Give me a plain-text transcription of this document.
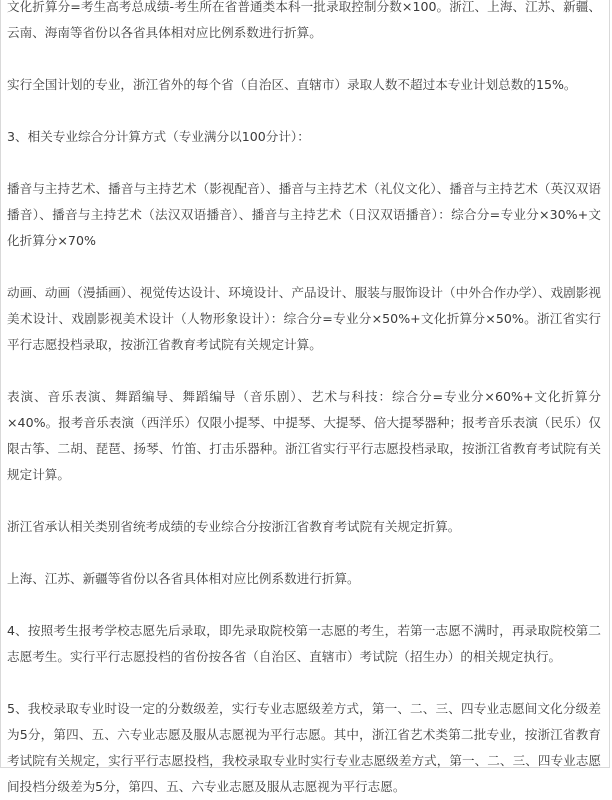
文化折算分=考生高考总成绩-考生所在省普通类本科一批录取控制分数×100。浙江、上海、江苏、新疆、云南、海南等省份以各省具体相对应比例系数进行折算。

实行全国计划的专业，浙江省外的每个省（自治区、直辖市）录取人数不超过本专业计划总数的15%。

3、相关专业综合分计算方式（专业满分以100分计）：

播音与主持艺术、播音与主持艺术（影视配音）、播音与主持艺术（礼仪文化）、播音与主持艺术（英汉双语播音）、播音与主持艺术（法汉双语播音）、播音与主持艺术（日汉双语播音）：综合分=专业分×30%+文化折算分×70%

动画、动画（漫插画）、视觉传达设计、环境设计、产品设计、服装与服饰设计（中外合作办学）、戏剧影视美术设计、戏剧影视美术设计（人物形象设计）：综合分=专业分×50%+文化折算分×50%。浙江省实行平行志愿投档录取，按浙江省教育考试院有关规定计算。

表演、音乐表演、舞蹈编导、舞蹈编导（音乐剧）、艺术与科技：综合分=专业分×60%+文化折算分×40%。报考音乐表演（西洋乐）仅限小提琴、中提琴、大提琴、倍大提琴器种；报考音乐表演（民乐）仅限古筝、二胡、琵琶、扬琴、竹笛、打击乐器种。浙江省实行平行志愿投档录取，按浙江省教育考试院有关规定计算。

浙江省承认相关类别省统考成绩的专业综合分按浙江省教育考试院有关规定折算。

上海、江苏、新疆等省份以各省具体相对应比例系数进行折算。

4、按照考生报考学校志愿先后录取，即先录取院校第一志愿的考生，若第一志愿不满时，再录取院校第二志愿考生。实行平行志愿投档的省份按各省（自治区、直辖市）考试院（招生办）的相关规定执行。

5、我校录取专业时设一定的分数级差，实行专业志愿级差方式，第一、二、三、四专业志愿间文化分级差为5分，第四、五、六专业志愿及服从志愿视为平行志愿。其中，浙江省艺术类第二批专业，按浙江省教育考试院有关规定，实行平行志愿投档，我校录取专业时实行专业志愿级差方式，第一、二、三、四专业志愿间投档分级差为5分，第四、五、六专业志愿及服从志愿视为平行志愿。
